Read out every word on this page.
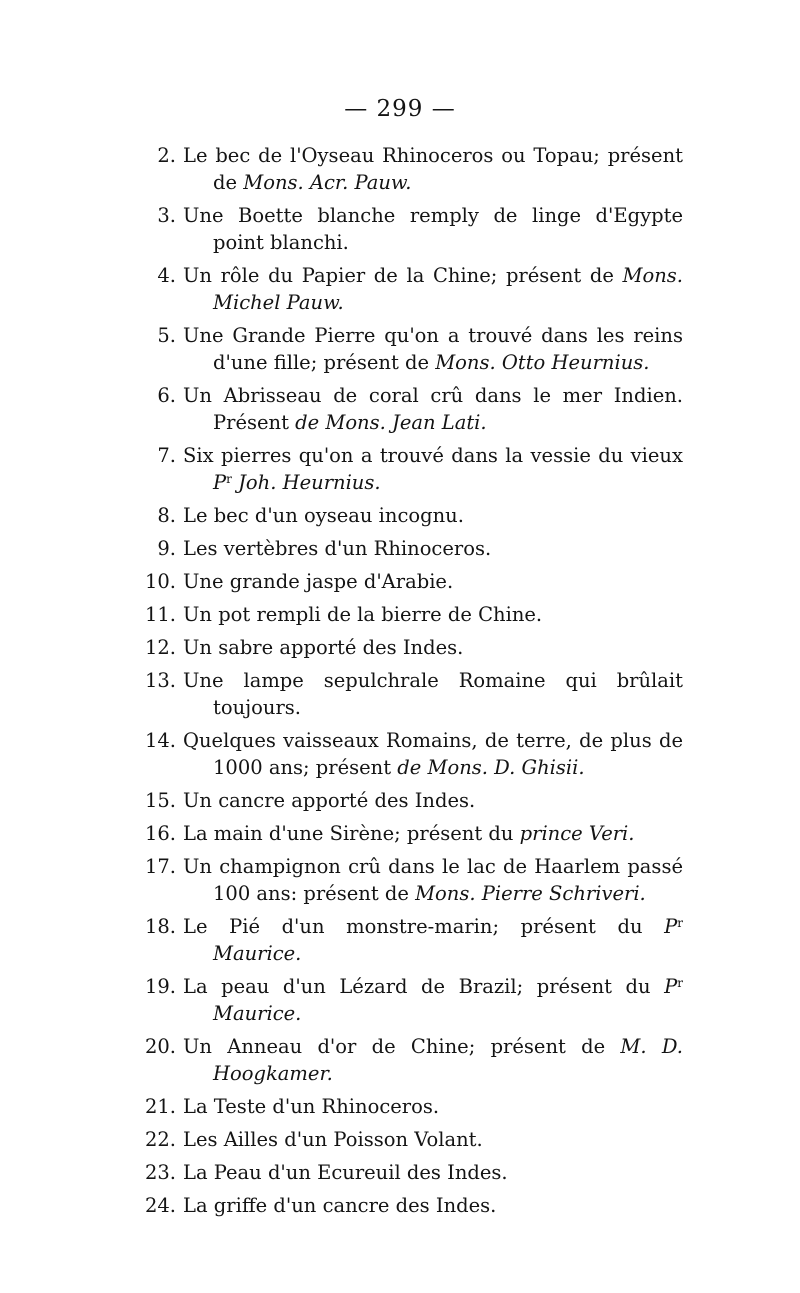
— 299 —
2. Le bec de l'Oyseau Rhinoceros ou Topau; présent de Mons. Acr. Pauw.
3. Une Boette blanche remply de linge d'Egypte point blanchi.
4. Un rôle du Papier de la Chine; présent de Mons. Michel Pauw.
5. Une Grande Pierre qu'on a trouvé dans les reins d'une fille; présent de Mons. Otto Heurnius.
6. Un Abrisseau de coral crû dans le mer Indien. Présent de Mons. Jean Lati.
7. Six pierres qu'on a trouvé dans la vessie du vieux $P^r$ Joh. Heurnius.
8. Le bec d'un oyseau incognu.
9. Les vertèbres d'un Rhinoceros.
10. Une grande jaspe d'Arabie.
11. Un pot rempli de la bierre de Chine.
12. Un sabre apporté des Indes.
13. Une lampe sepulchrale Romaine qui brûlait toujours.
14. Quelques vaisseaux Romains, de terre, de plus de 1000 ans; présent de Mons. D. Ghisii.
15. Un cancre apporté des Indes.
16. La main d'une Sirène; présent du prince Veri.
17. Un champignon crû dans le lac de Haarlem passé 100 ans: présent de Mons. Pierre Schriveri.
18. Le Pié d'un monstre-marin; présent du $P^r$ Maurice.
19. La peau d'un Lézard de Brazil; présent du $P^r$ Maurice.
20. Un Anneau d'or de Chine; présent de M. D. Hoogkamer.
21. La Teste d'un Rhinoceros.
22. Les Ailles d'un Poisson Volant.
23. La Peau d'un Ecureuil des Indes.
24. La griffe d'un cancre des Indes.
